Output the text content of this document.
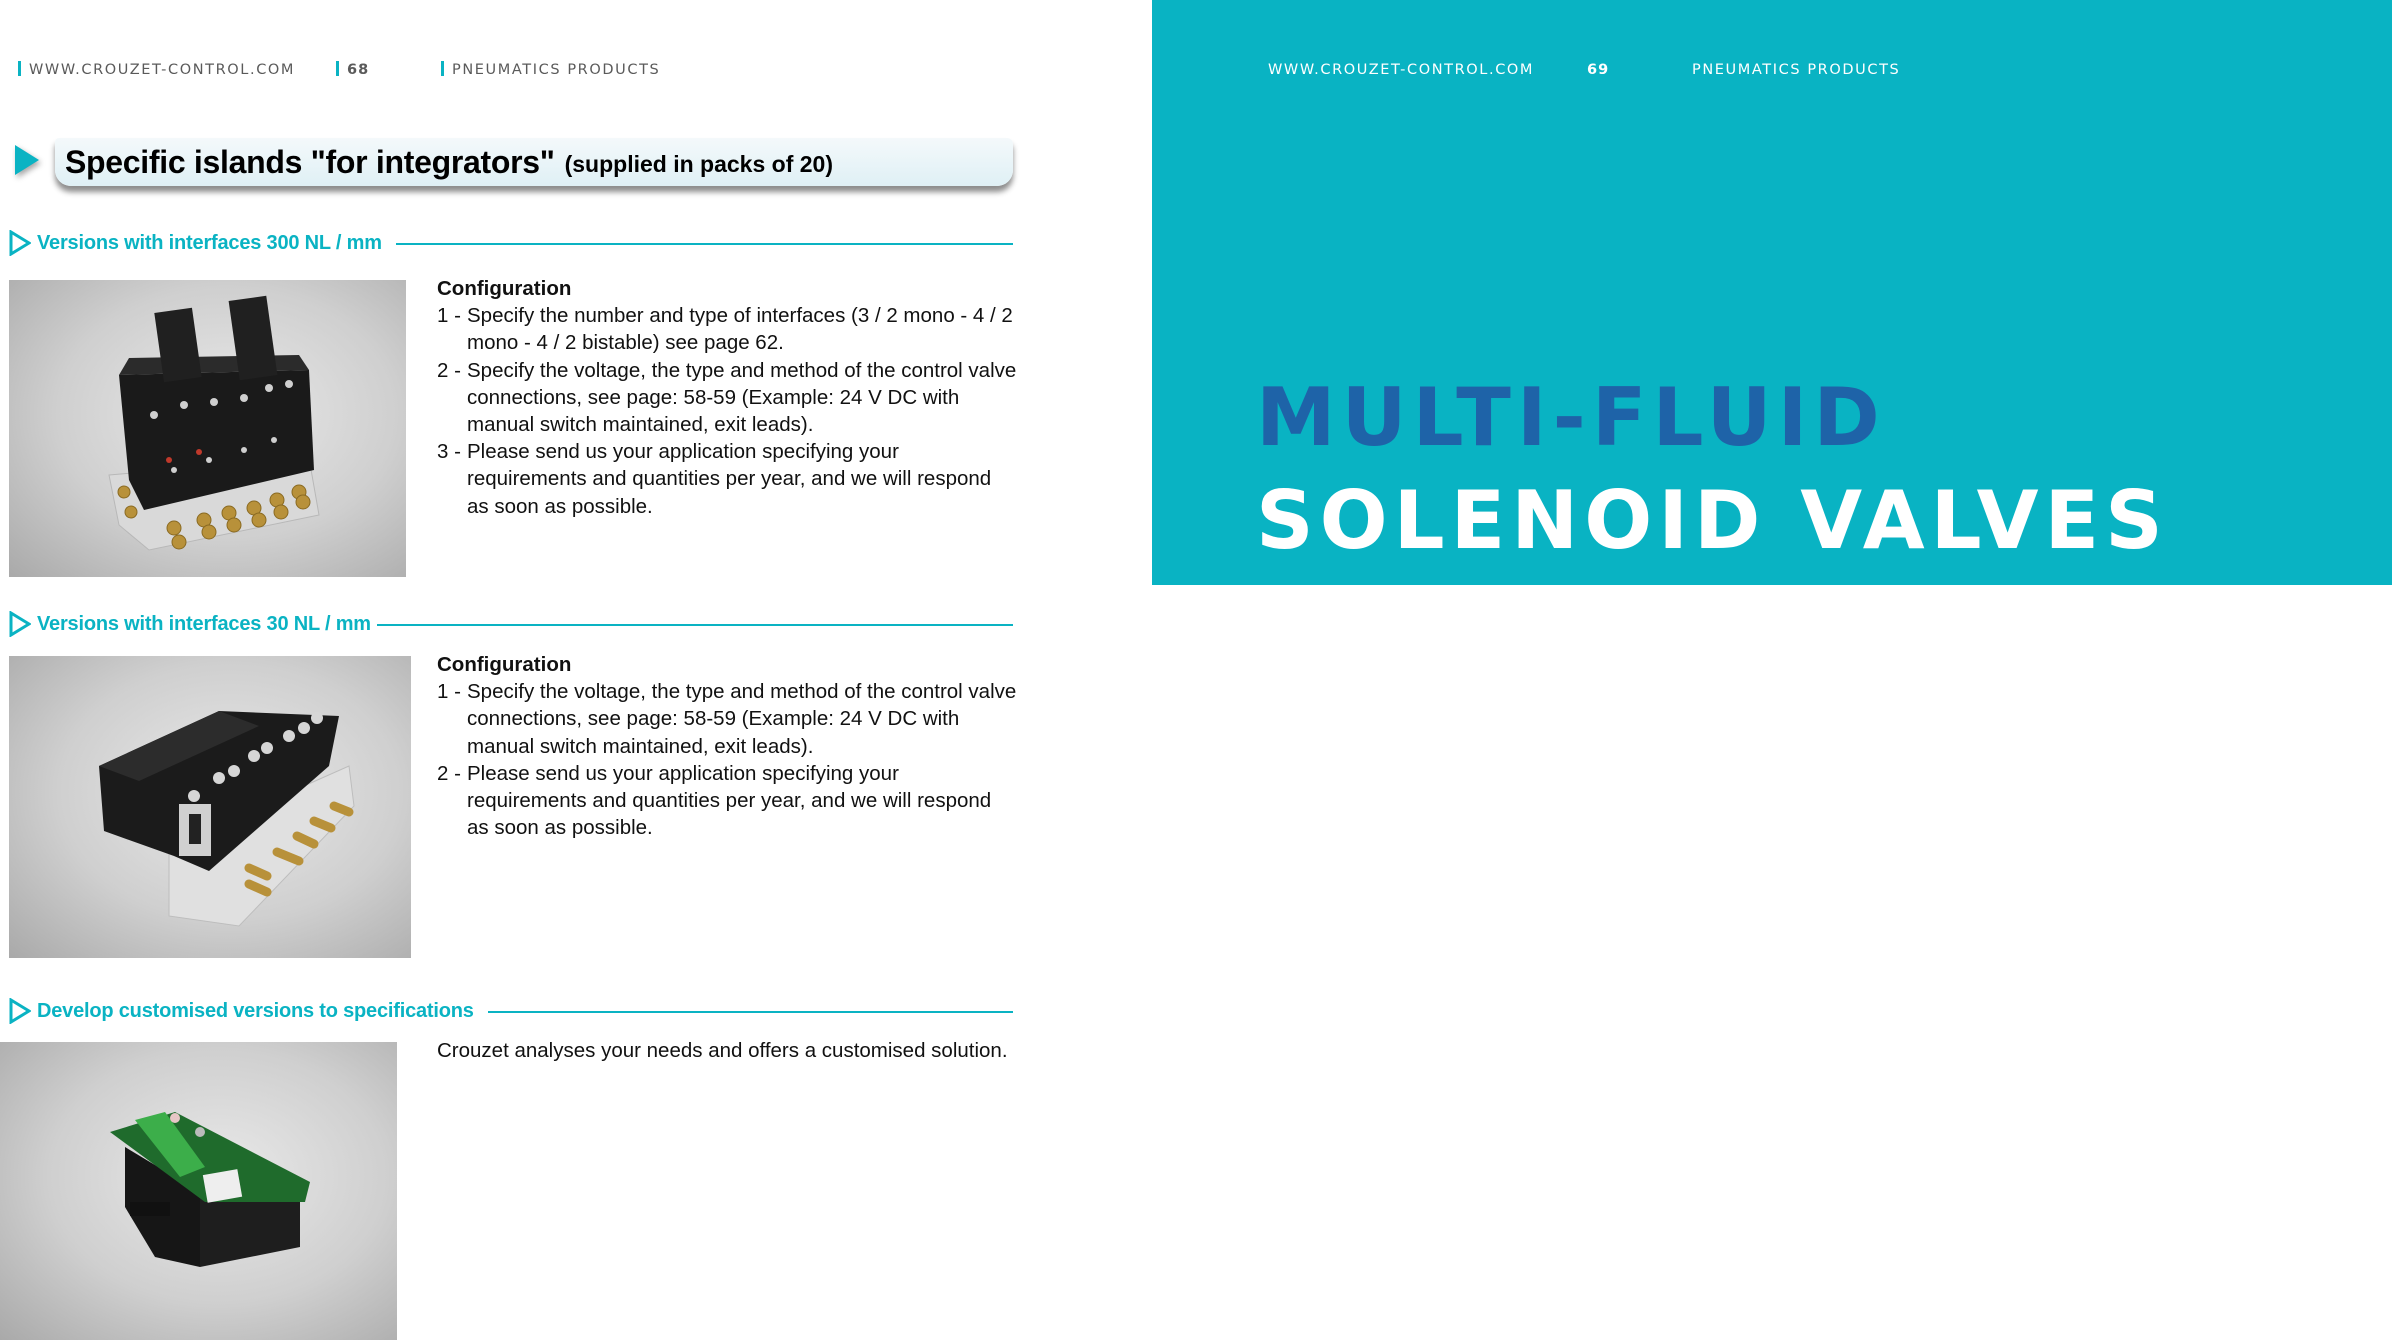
WWW.CROUZET-CONTROL.COM	68	PNEUMATICS PRODUCTS
Specific islands "for integrators" (supplied in packs of 20)
Versions with interfaces 300 NL / mm
Configuration
1 - Specify the number and type of interfaces (3 / 2 mono - 4 / 2 mono - 4 / 2 bistable) see page 62.
2 - Specify the voltage, the type and method of the control valve connections, see page: 58-59 (Example: 24 V DC with manual switch maintained, exit leads).
3 - Please send us your application specifying your requirements and quantities per year, and we will respond as soon as possible.
Versions with interfaces 30 NL / mm
Configuration
1 - Specify the voltage, the type and method of the control valve connections, see page: 58-59 (Example: 24 V DC with manual switch maintained, exit leads).
2 - Please send us your application specifying your requirements and quantities per year, and we will respond as soon as possible.
Develop customised versions to specifications
Crouzet analyses your needs and offers a customised solution.
WWW.CROUZET-CONTROL.COM	69	PNEUMATICS PRODUCTS
MULTI-FLUID
SOLENOID VALVES
